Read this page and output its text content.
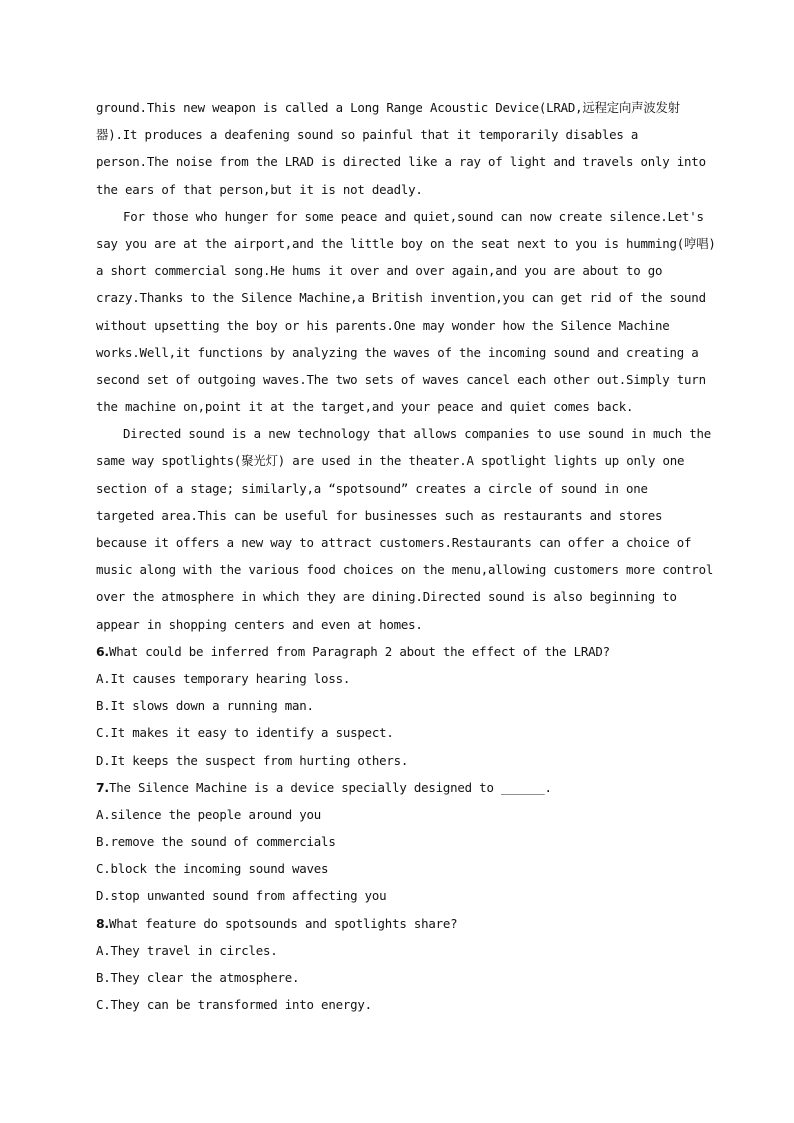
ground.This new weapon is called a Long Range Acoustic Device(LRAD,远程定向声波发射
器).It produces a deafening sound so painful that it temporarily disables a
person.The noise from the LRAD is directed like a ray of light and travels only into
the ears of that person,but it is not deadly.
For those who hunger for some peace and quiet,sound can now create silence.Let's
say you are at the airport,and the little boy on the seat next to you is humming(哼唱)
a short commercial song.He hums it over and over again,and you are about to go
crazy.Thanks to the Silence Machine,a British invention,you can get rid of the sound
without upsetting the boy or his parents.One may wonder how the Silence Machine
works.Well,it functions by analyzing the waves of the incoming sound and creating a
second set of outgoing waves.The two sets of waves cancel each other out.Simply turn
the machine on,point it at the target,and your peace and quiet comes back.
Directed sound is a new technology that allows companies to use sound in much the
same way spotlights(聚光灯) are used in the theater.A spotlight lights up only one
section of a stage; similarly,a “spotsound” creates a circle of sound in one
targeted area.This can be useful for businesses such as restaurants and stores
because it offers a new way to attract customers.Restaurants can offer a choice of
music along with the various food choices on the menu,allowing customers more control
over the atmosphere in which they are dining.Directed sound is also beginning to
appear in shopping centers and even at homes.
6.What could be inferred from Paragraph 2 about the effect of the LRAD?
A.It causes temporary hearing loss.
B.It slows down a running man.
C.It makes it easy to identify a suspect.
D.It keeps the suspect from hurting others.
7.The Silence Machine is a device specially designed to ______.
A.silence the people around you
B.remove the sound of commercials
C.block the incoming sound waves
D.stop unwanted sound from affecting you
8.What feature do spotsounds and spotlights share?
A.They travel in circles.
B.They clear the atmosphere.
C.They can be transformed into energy.
